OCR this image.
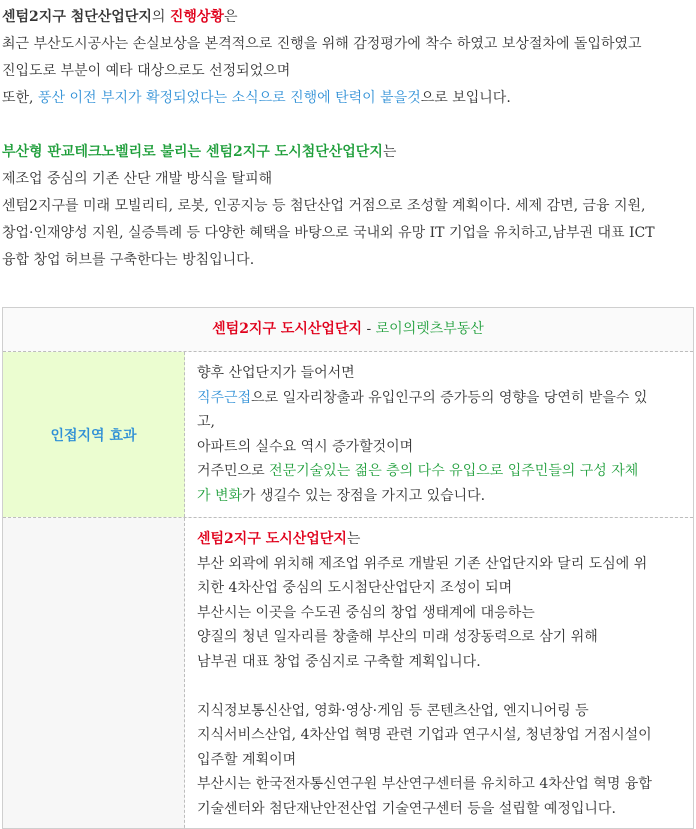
센텀2지구 첨단산업단지의 진행상황은

최근 부산도시공사는 손실보상을 본격적으로 진행을 위해 감정평가에 착수 하였고 보상절차에 돌입하였고

진입도로 부분이 예타 대상으로도 선정되었으며

또한, 풍산 이전 부지가 확정되었다는 소식으로 진행에 탄력이 붙을것으로 보입니다.

부산형 판교테크노벨리로 불리는 센텀2지구 도시첨단산업단지는

제조업 중심의 기존 산단 개발 방식을 탈피해

센텀2지구를 미래 모빌리티, 로봇, 인공지능 등 첨단산업 거점으로 조성할 계획이다. 세제 감면, 금융 지원,

창업·인재양성 지원, 실증특례 등 다양한 혜택을 바탕으로 국내외 유망 IT 기업을 유치하고,남부권 대표 ICT

융합 창업 허브를 구축한다는 방침입니다.

센텀2지구 도시산업단지 - 로이의렛츠부동산
인접지역 효과

향후 산업단지가 들어서면

직주근접으로 일자리창출과 유입인구의 증가등의 영향을 당연히 받을수 있

고,

아파트의 실수요 역시 증가할것이며

거주민으로 전문기술있는 젊은 층의 다수 유입으로 입주민들의 구성 자체

가 변화가 생길수 있는 장점을 가지고 있습니다.

센텀2지구 도시산업단지는

부산 외곽에 위치해 제조업 위주로 개발된 기존 산업단지와 달리 도심에 위

치한 4차산업 중심의 도시첨단산업단지 조성이 되며

부산시는 이곳을 수도권 중심의 창업 생태계에 대응하는

양질의 청년 일자리를 창출해 부산의 미래 성장동력으로 삼기 위해

남부권 대표 창업 중심지로 구축할 계획입니다.

지식정보통신산업, 영화·영상·게임 등 콘텐츠산업, 엔지니어링 등

지식서비스산업, 4차산업 혁명 관련 기업과 연구시설, 청년창업 거점시설이

입주할 계획이며

부산시는 한국전자통신연구원 부산연구센터를 유치하고 4차산업 혁명 융합

기술센터와 첨단재난안전산업 기술연구센터 등을 설립할 예정입니다.
